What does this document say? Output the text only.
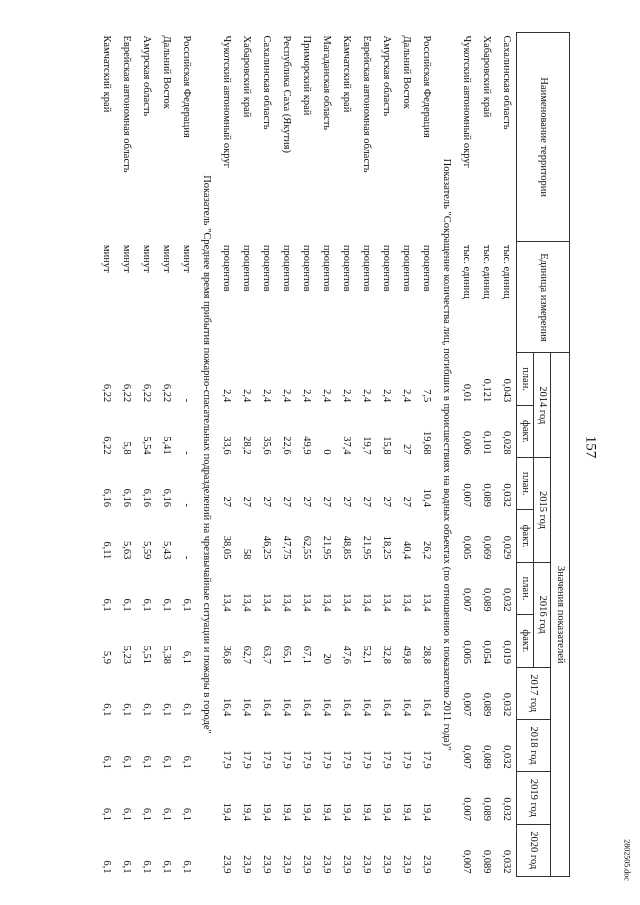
157
2802505.doc
Наименование территории	Единица измерения	Значения показателей									
		2014 год		2015 год		2016 год		2017 год	2018 год	2019 год	2020 год
		план.	факт.	план.	факт.	план.	факт.				
Сахалинская область	тыс. единиц	0,043	0,028	0,032	0,029	0,032	0,019	0,032	0,032	0,032	0,032
Хабаровский край	тыс. единиц	0,121	0,101	0,089	0,069	0,089	0,054	0,089	0,089	0,089	0,089
Чукотский автономный округ	тыс. единиц	0,01	0,006	0,007	0,005	0,007	0,005	0,007	0,007	0,007	0,007
Показатель "Сокращение количества лиц, погибших в происшествиях на водных объектах (по отношению к показателю 2011 года)"											
Российская Федерация	процентов	7,5	19,68	10,4	26,2	13,4	28,8	16,4	17,9	19,4	23,9
Дальний Восток	процентов	2,4	27	27	40,4	13,4	49,8	16,4	17,9	19,4	23,9
Амурская область	процентов	2,4	15,8	27	18,25	13,4	32,8	16,4	17,9	19,4	23,9
Еврейская автономная область	процентов	2,4	19,7	27	21,95	13,4	52,1	16,4	17,9	19,4	23,9
Камчатский край	процентов	2,4	37,4	27	48,85	13,4	47,6	16,4	17,9	19,4	23,9
Магаданская область	процентов	2,4	0	27	21,95	13,4	20	16,4	17,9	19,4	23,9
Приморский край	процентов	2,4	49,9	27	62,55	13,4	67,1	16,4	17,9	19,4	23,9
Республика Саха (Якутия)	процентов	2,4	22,6	27	47,75	13,4	65,1	16,4	17,9	19,4	23,9
Сахалинская область	процентов	2,4	35,6	27	46,25	13,4	63,7	16,4	17,9	19,4	23,9
Хабаровский край	процентов	2,4	28,2	27	58	13,4	62,7	16,4	17,9	19,4	23,9
Чукотский автономный округ	процентов	2,4	33,6	27	38,05	13,4	36,8	16,4	17,9	19,4	23,9
Показатель "Среднее время прибытия пожарно-спасательных подразделений на чрезвычайные ситуации и пожары в городе"											
Российская Федерация	минут	-	-	-	-	6,1	6,1	6,1	6,1	6,1	6,1
Дальний Восток	минут	6,22	5,41	6,16	5,43	6,1	5,38	6,1	6,1	6,1	6,1
Амурская область	минут	6,22	5,54	6,16	5,59	6,1	5,51	6,1	6,1	6,1	6,1
Еврейская автономная область	минут	6,22	5,8	6,16	5,63	6,1	5,23	6,1	6,1	6,1	6,1
Камчатский край	минут	6,22	6,22	6,16	6,11	6,1	5,9	6,1	6,1	6,1	6,1
